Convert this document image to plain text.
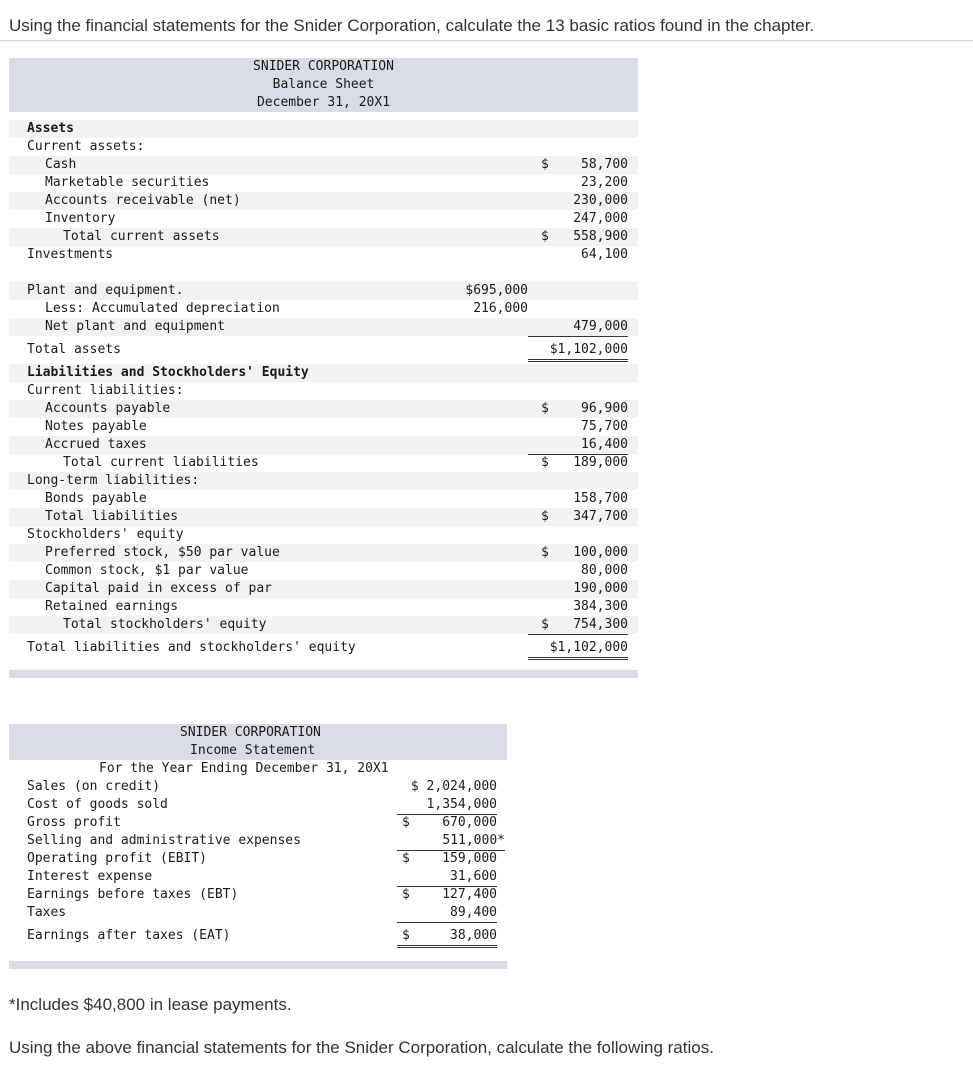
Using the financial statements for the Snider Corporation, calculate the 13 basic ratios found in the chapter.
SNIDER CORPORATION
Balance Sheet
December 31, 20X1
Assets
Current assets:
Cash	$	58,700
Marketable securities	23,200
Accounts receivable (net)	230,000
Inventory	247,000
Total current assets	$	558,900
Investments	64,100
Plant and equipment.	$695,000
Less: Accumulated depreciation	216,000
Net plant and equipment	479,000
Total assets	$1,102,000
Liabilities and Stockholders' Equity
Current liabilities:
Accounts payable	$	96,900
Notes payable	75,700
Accrued taxes	16,400
Total current liabilities	$	189,000
Long-term liabilities:
Bonds payable	158,700
Total liabilities	$	347,700
Stockholders' equity
Preferred stock, $50 par value	$	100,000
Common stock, $1 par value	80,000
Capital paid in excess of par	190,000
Retained earnings	384,300
Total stockholders' equity	$	754,300
Total liabilities and stockholders' equity	$1,102,000
SNIDER CORPORATION
Income Statement
For the Year Ending December 31, 20X1
Sales (on credit)	$ 2,024,000
Cost of goods sold	1,354,000
Gross profit	$	670,000
Selling and administrative expenses	511,000*
Operating profit (EBIT)	$	159,000
Interest expense	31,600
Earnings before taxes (EBT)	$	127,400
Taxes	89,400
Earnings after taxes (EAT)	$	38,000
*Includes $40,800 in lease payments.
Using the above financial statements for the Snider Corporation, calculate the following ratios.
